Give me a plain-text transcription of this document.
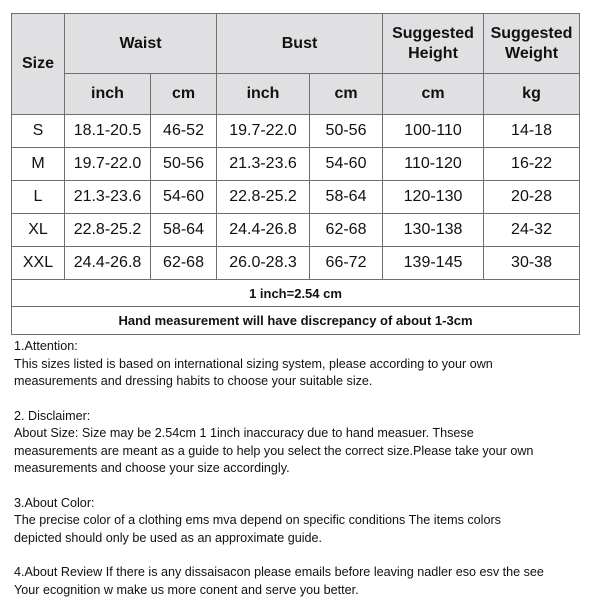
Size	Waist		Bust		Suggested Height	Suggested Weight
	inch	cm	inch	cm	cm	kg
S	18.1-20.5	46-52	19.7-22.0	50-56	100-110	14-18
M	19.7-22.0	50-56	21.3-23.6	54-60	110-120	16-22
L	21.3-23.6	54-60	22.8-25.2	58-64	120-130	20-28
XL	22.8-25.2	58-64	24.4-26.8	62-68	130-138	24-32
XXL	24.4-26.8	62-68	26.0-28.3	66-72	139-145	30-38
1 inch=2.54 cm						
Hand measurement will have discrepancy of about 1-3cm						
1.Attention:
This sizes listed is based on international sizing system, please according to your own
measurements and dressing habits to choose your suitable size.
2. Disclaimer:
About Size: Size may be 2.54cm 1 1inch inaccuracy due to hand measuer. Thsese
measurements are meant as a guide to help you select the correct size.Please take your own
measurements and choose your size accordingly.
3.About Color:
The precise color of a clothing ems mva depend on specific conditions The items colors
depicted should only be used as an approximate guide.
4.About Review If there is any dissaisacon please emails before leaving nadler eso esv the see
Your ecognition w make us more conent and serve you better.
